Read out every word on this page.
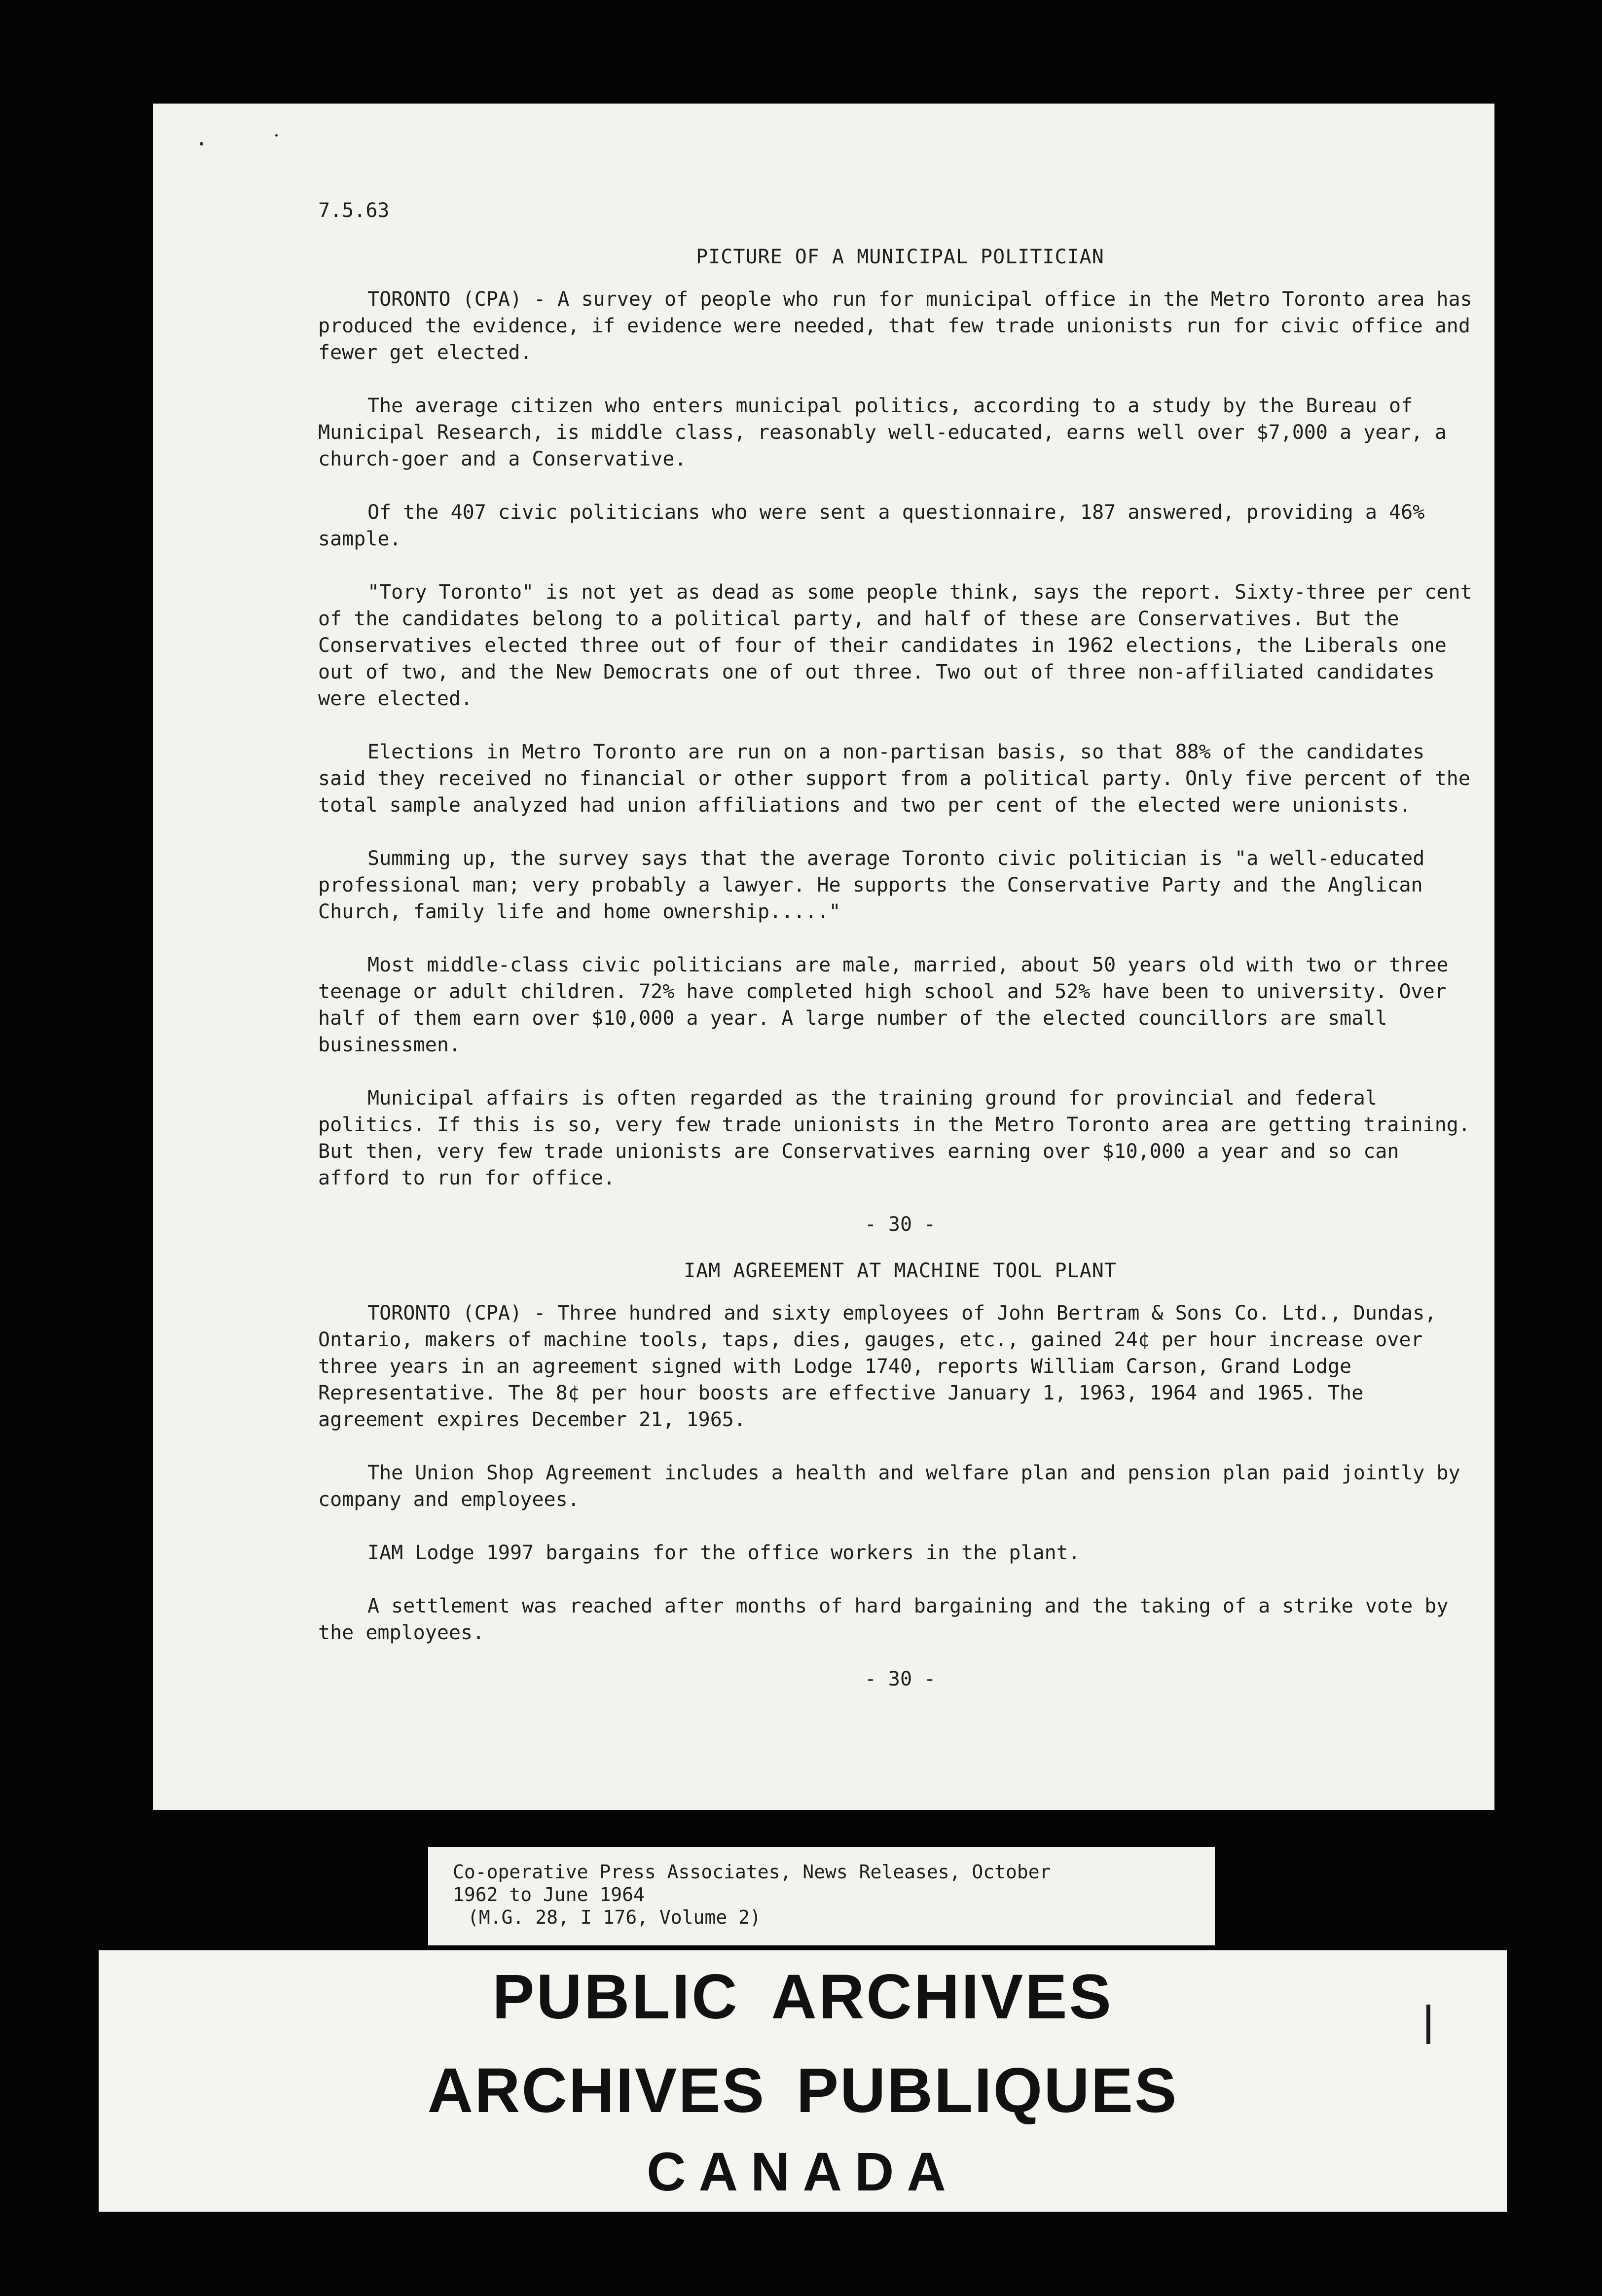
7.5.63
PICTURE OF A MUNICIPAL POLITICIAN

TORONTO (CPA) - A survey of people who run for municipal office in the Metro Toronto area has produced the evidence, if evidence were needed, that few trade unionists run for civic office and fewer get elected.

The average citizen who enters municipal politics, according to a study by the Bureau of Municipal Research, is middle class, reasonably well-educated, earns well over $7,000 a year, a church-goer and a Conservative.

Of the 407 civic politicians who were sent a questionnaire, 187 answered, providing a 46% sample.

"Tory Toronto" is not yet as dead as some people think, says the report. Sixty-three per cent of the candidates belong to a political party, and half of these are Conservatives. But the Conservatives elected three out of four of their candidates in 1962 elections, the Liberals one out of two, and the New Democrats one of out three. Two out of three non-affiliated candidates were elected.

Elections in Metro Toronto are run on a non-partisan basis, so that 88% of the candidates said they received no financial or other support from a political party. Only five percent of the total sample analyzed had union affiliations and two per cent of the elected were unionists.

Summing up, the survey says that the average Toronto civic politician is "a well-educated professional man; very probably a lawyer. He supports the Conservative Party and the Anglican Church, family life and home ownership....."

Most middle-class civic politicians are male, married, about 50 years old with two or three teenage or adult children. 72% have completed high school and 52% have been to university. Over half of them earn over $10,000 a year. A large number of the elected councillors are small businessmen.

Municipal affairs is often regarded as the training ground for provincial and federal politics. If this is so, very few trade unionists in the Metro Toronto area are getting training. But then, very few trade unionists are Conservatives earning over $10,000 a year and so can afford to run for office.

- 30 -
IAM AGREEMENT AT MACHINE TOOL PLANT

TORONTO (CPA) - Three hundred and sixty employees of John Bertram & Sons Co. Ltd., Dundas, Ontario, makers of machine tools, taps, dies, gauges, etc., gained 24¢ per hour increase over three years in an agreement signed with Lodge 1740, reports William Carson, Grand Lodge Representative. The 8¢ per hour boosts are effective January 1, 1963, 1964 and 1965. The agreement expires December 21, 1965.

The Union Shop Agreement includes a health and welfare plan and pension plan paid jointly by company and employees.

IAM Lodge 1997 bargains for the office workers in the plant.

A settlement was reached after months of hard bargaining and the taking of a strike vote by the employees.

- 30 -
Co-operative Press Associates, News Releases, October
1962 to June 1964
(M.G. 28, I 176, Volume 2)
PUBLIC ARCHIVES
ARCHIVES PUBLIQUES
CANADA
